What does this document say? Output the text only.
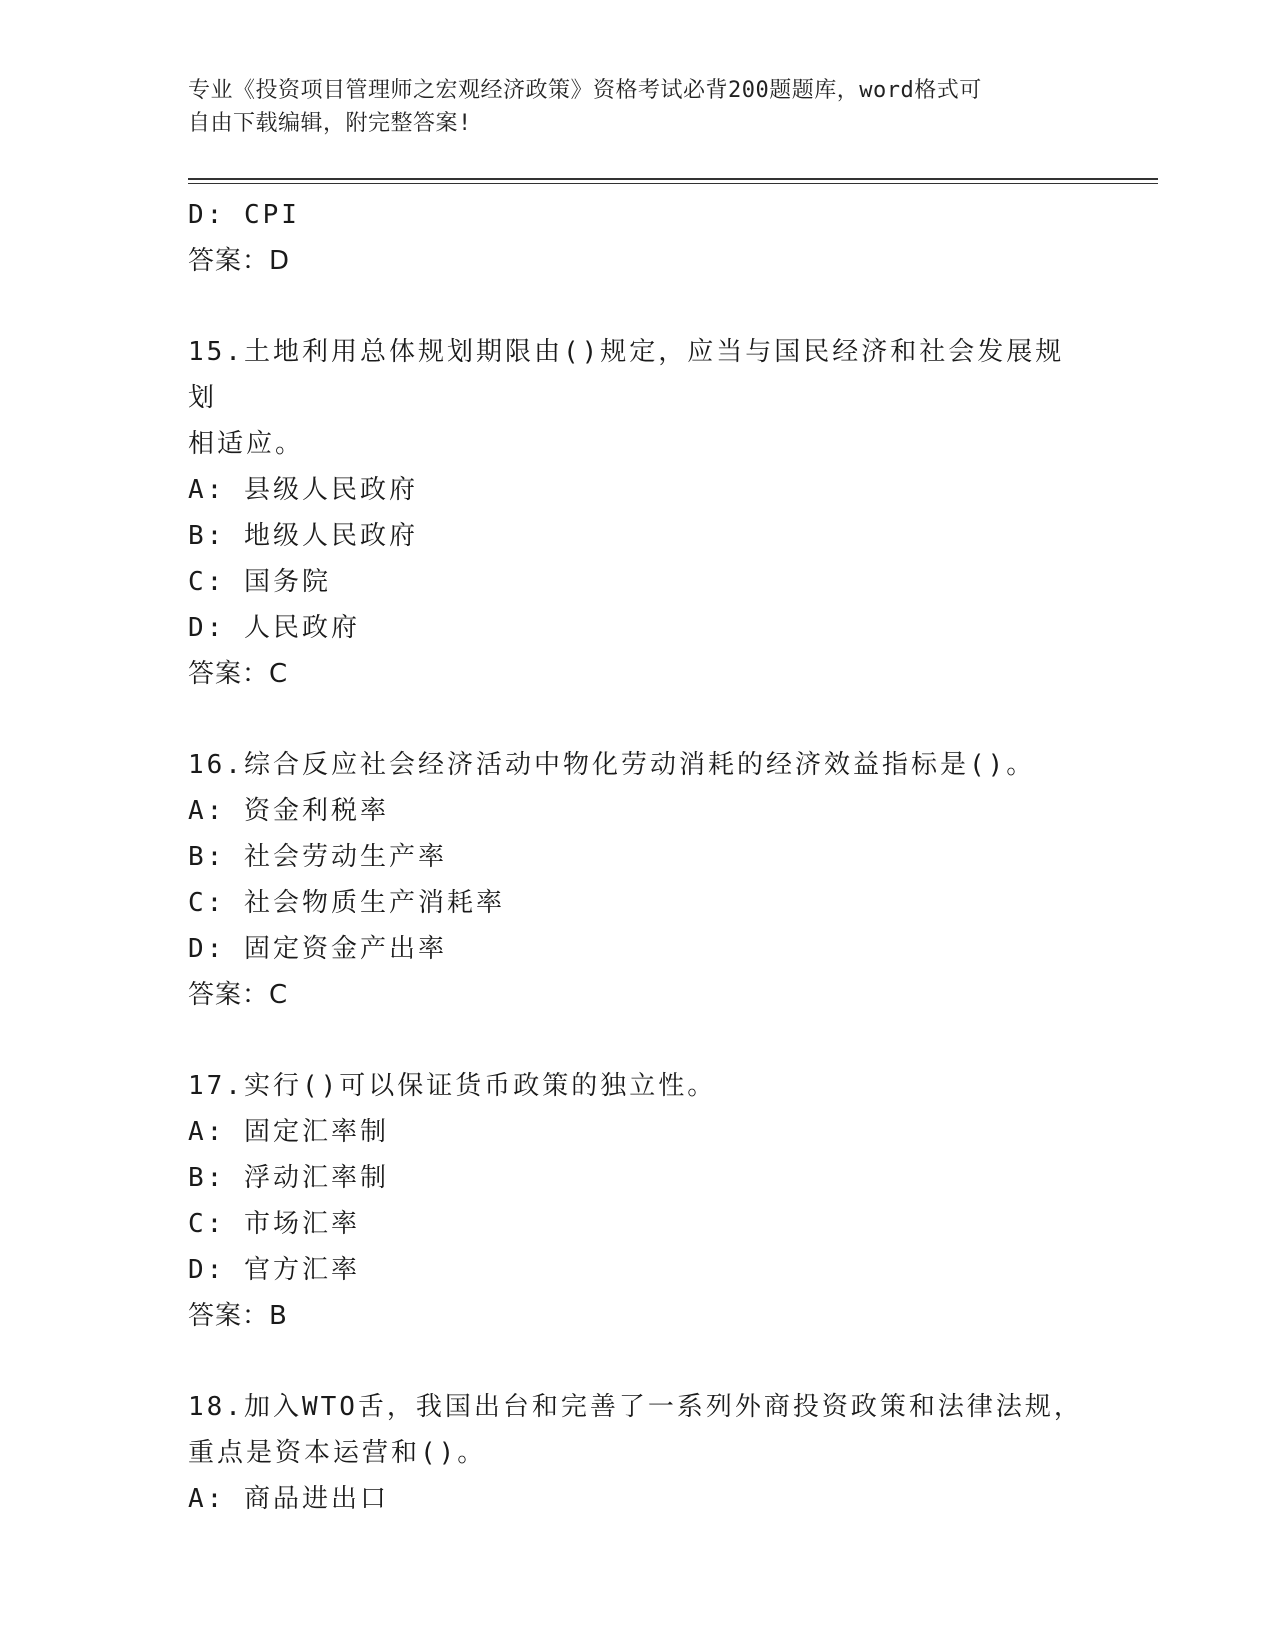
专业《投资项目管理师之宏观经济政策》资格考试必背200题题库，word格式可
自由下载编辑，附完整答案!
D: CPI
答案：D
15.土地利用总体规划期限由()规定，应当与国民经济和社会发展规划
相适应。
A: 县级人民政府
B: 地级人民政府
C: 国务院
D: 人民政府
答案：C
16.综合反应社会经济活动中物化劳动消耗的经济效益指标是()。
A: 资金利税率
B: 社会劳动生产率
C: 社会物质生产消耗率
D: 固定资金产出率
答案：C
17.实行()可以保证货币政策的独立性。
A: 固定汇率制
B: 浮动汇率制
C: 市场汇率
D: 官方汇率
答案：B
18.加入WTO舌，我国出台和完善了一系列外商投资政策和法律法规，
重点是资本运营和()。
A: 商品进出口
